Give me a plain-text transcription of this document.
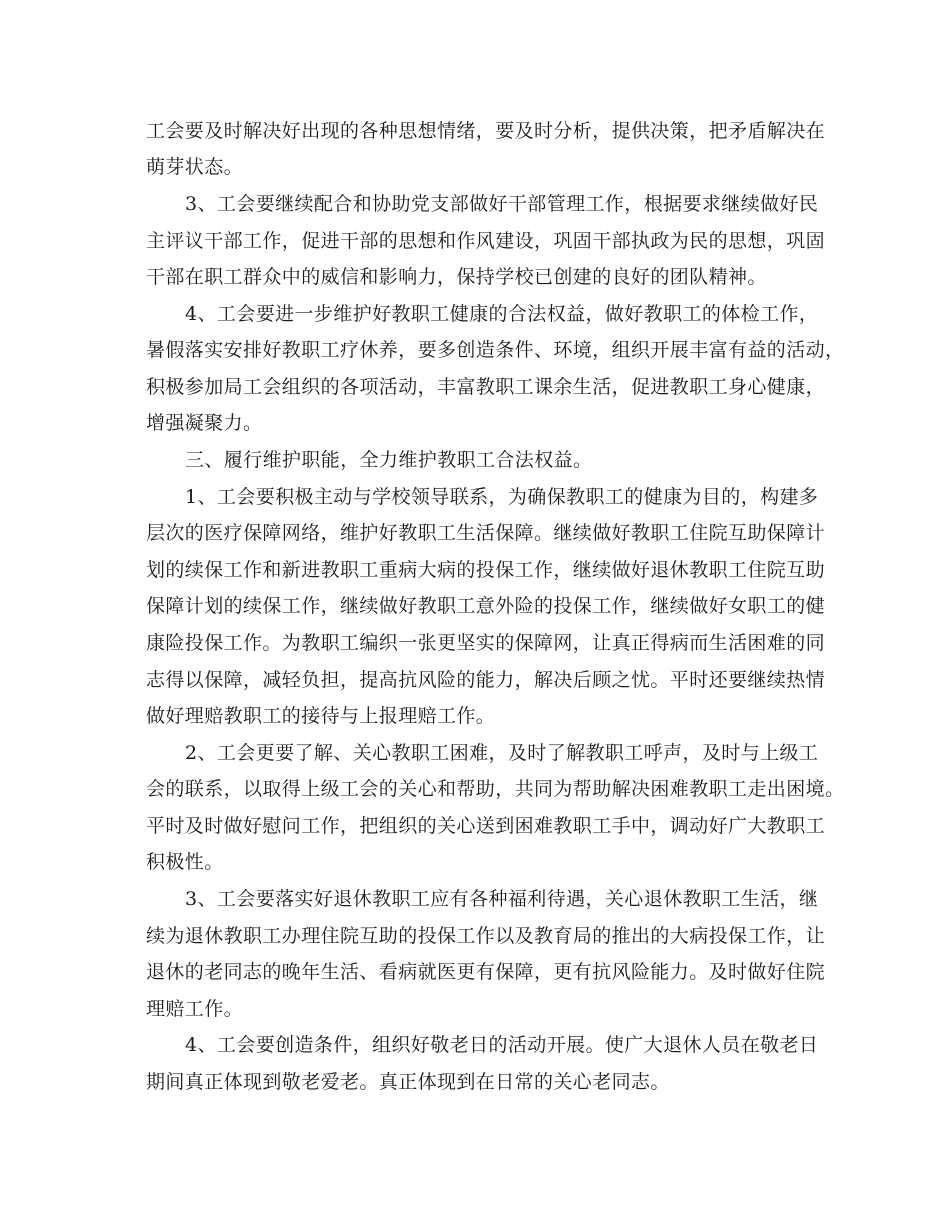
工会要及时解决好出现的各种思想情绪，要及时分析，提供决策，把矛盾解决在
萌芽状态。
3、工会要继续配合和协助党支部做好干部管理工作，根据要求继续做好民
主评议干部工作，促进干部的思想和作风建设，巩固干部执政为民的思想，巩固
干部在职工群众中的威信和影响力，保持学校已创建的良好的团队精神。
4、工会要进一步维护好教职工健康的合法权益，做好教职工的体检工作，
暑假落实安排好教职工疗休养，要多创造条件、环境，组织开展丰富有益的活动，
积极参加局工会组织的各项活动，丰富教职工课余生活，促进教职工身心健康，
增强凝聚力。
三、履行维护职能，全力维护教职工合法权益。
1、工会要积极主动与学校领导联系，为确保教职工的健康为目的，构建多
层次的医疗保障网络，维护好教职工生活保障。继续做好教职工住院互助保障计
划的续保工作和新进教职工重病大病的投保工作，继续做好退休教职工住院互助
保障计划的续保工作，继续做好教职工意外险的投保工作，继续做好女职工的健
康险投保工作。为教职工编织一张更坚实的保障网，让真正得病而生活困难的同
志得以保障，减轻负担，提高抗风险的能力，解决后顾之忧。平时还要继续热情
做好理赔教职工的接待与上报理赔工作。
2、工会更要了解、关心教职工困难，及时了解教职工呼声，及时与上级工
会的联系，以取得上级工会的关心和帮助，共同为帮助解决困难教职工走出困境。
平时及时做好慰问工作，把组织的关心送到困难教职工手中，调动好广大教职工
积极性。
3、工会要落实好退休教职工应有各种福利待遇，关心退休教职工生活，继
续为退休教职工办理住院互助的投保工作以及教育局的推出的大病投保工作，让
退休的老同志的晚年生活、看病就医更有保障，更有抗风险能力。及时做好住院
理赔工作。
4、工会要创造条件，组织好敬老日的活动开展。使广大退休人员在敬老日
期间真正体现到敬老爱老。真正体现到在日常的关心老同志。
